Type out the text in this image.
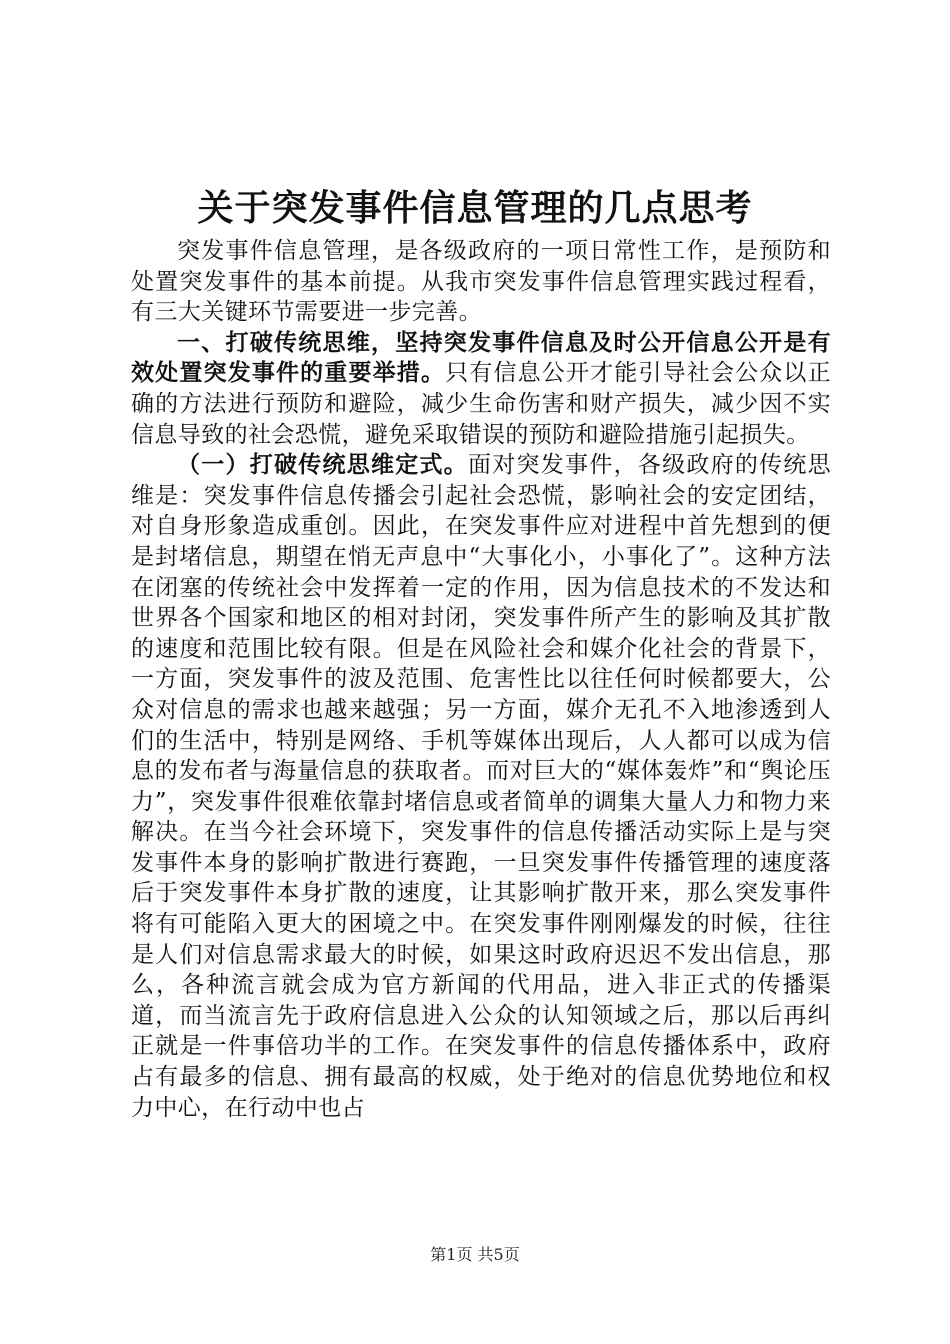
关于突发事件信息管理的几点思考

突发事件信息管理，是各级政府的一项日常性工作，是预防和处置突发事件的基本前提。从我市突发事件信息管理实践过程看，有三大关键环节需要进一步完善。

一、打破传统思维，坚持突发事件信息及时公开信息公开是有效处置突发事件的重要举措。只有信息公开才能引导社会公众以正确的方法进行预防和避险，减少生命伤害和财产损失，减少因不实信息导致的社会恐慌，避免采取错误的预防和避险措施引起损失。

（一）打破传统思维定式。面对突发事件，各级政府的传统思维是：突发事件信息传播会引起社会恐慌，影响社会的安定团结，对自身形象造成重创。因此，在突发事件应对进程中首先想到的便是封堵信息，期望在悄无声息中“大事化小，小事化了”。这种方法在闭塞的传统社会中发挥着一定的作用，因为信息技术的不发达和世界各个国家和地区的相对封闭，突发事件所产生的影响及其扩散的速度和范围比较有限。但是在风险社会和媒介化社会的背景下，一方面，突发事件的波及范围、危害性比以往任何时候都要大，公众对信息的需求也越来越强；另一方面，媒介无孔不入地渗透到人们的生活中，特别是网络、手机等媒体出现后，人人都可以成为信息的发布者与海量信息的获取者。而对巨大的“媒体轰炸”和“舆论压力”，突发事件很难依靠封堵信息或者简单的调集大量人力和物力来解决。在当今社会环境下，突发事件的信息传播活动实际上是与突发事件本身的影响扩散进行赛跑，一旦突发事件传播管理的速度落后于突发事件本身扩散的速度，让其影响扩散开来，那么突发事件将有可能陷入更大的困境之中。在突发事件刚刚爆发的时候，往往是人们对信息需求最大的时候，如果这时政府迟迟不发出信息，那么，各种流言就会成为官方新闻的代用品，进入非正式的传播渠道，而当流言先于政府信息进入公众的认知领域之后，那以后再纠正就是一件事倍功半的工作。在突发事件的信息传播体系中，政府占有最多的信息、拥有最高的权威，处于绝对的信息优势地位和权力中心，在行动中也占

第1页 共5页
